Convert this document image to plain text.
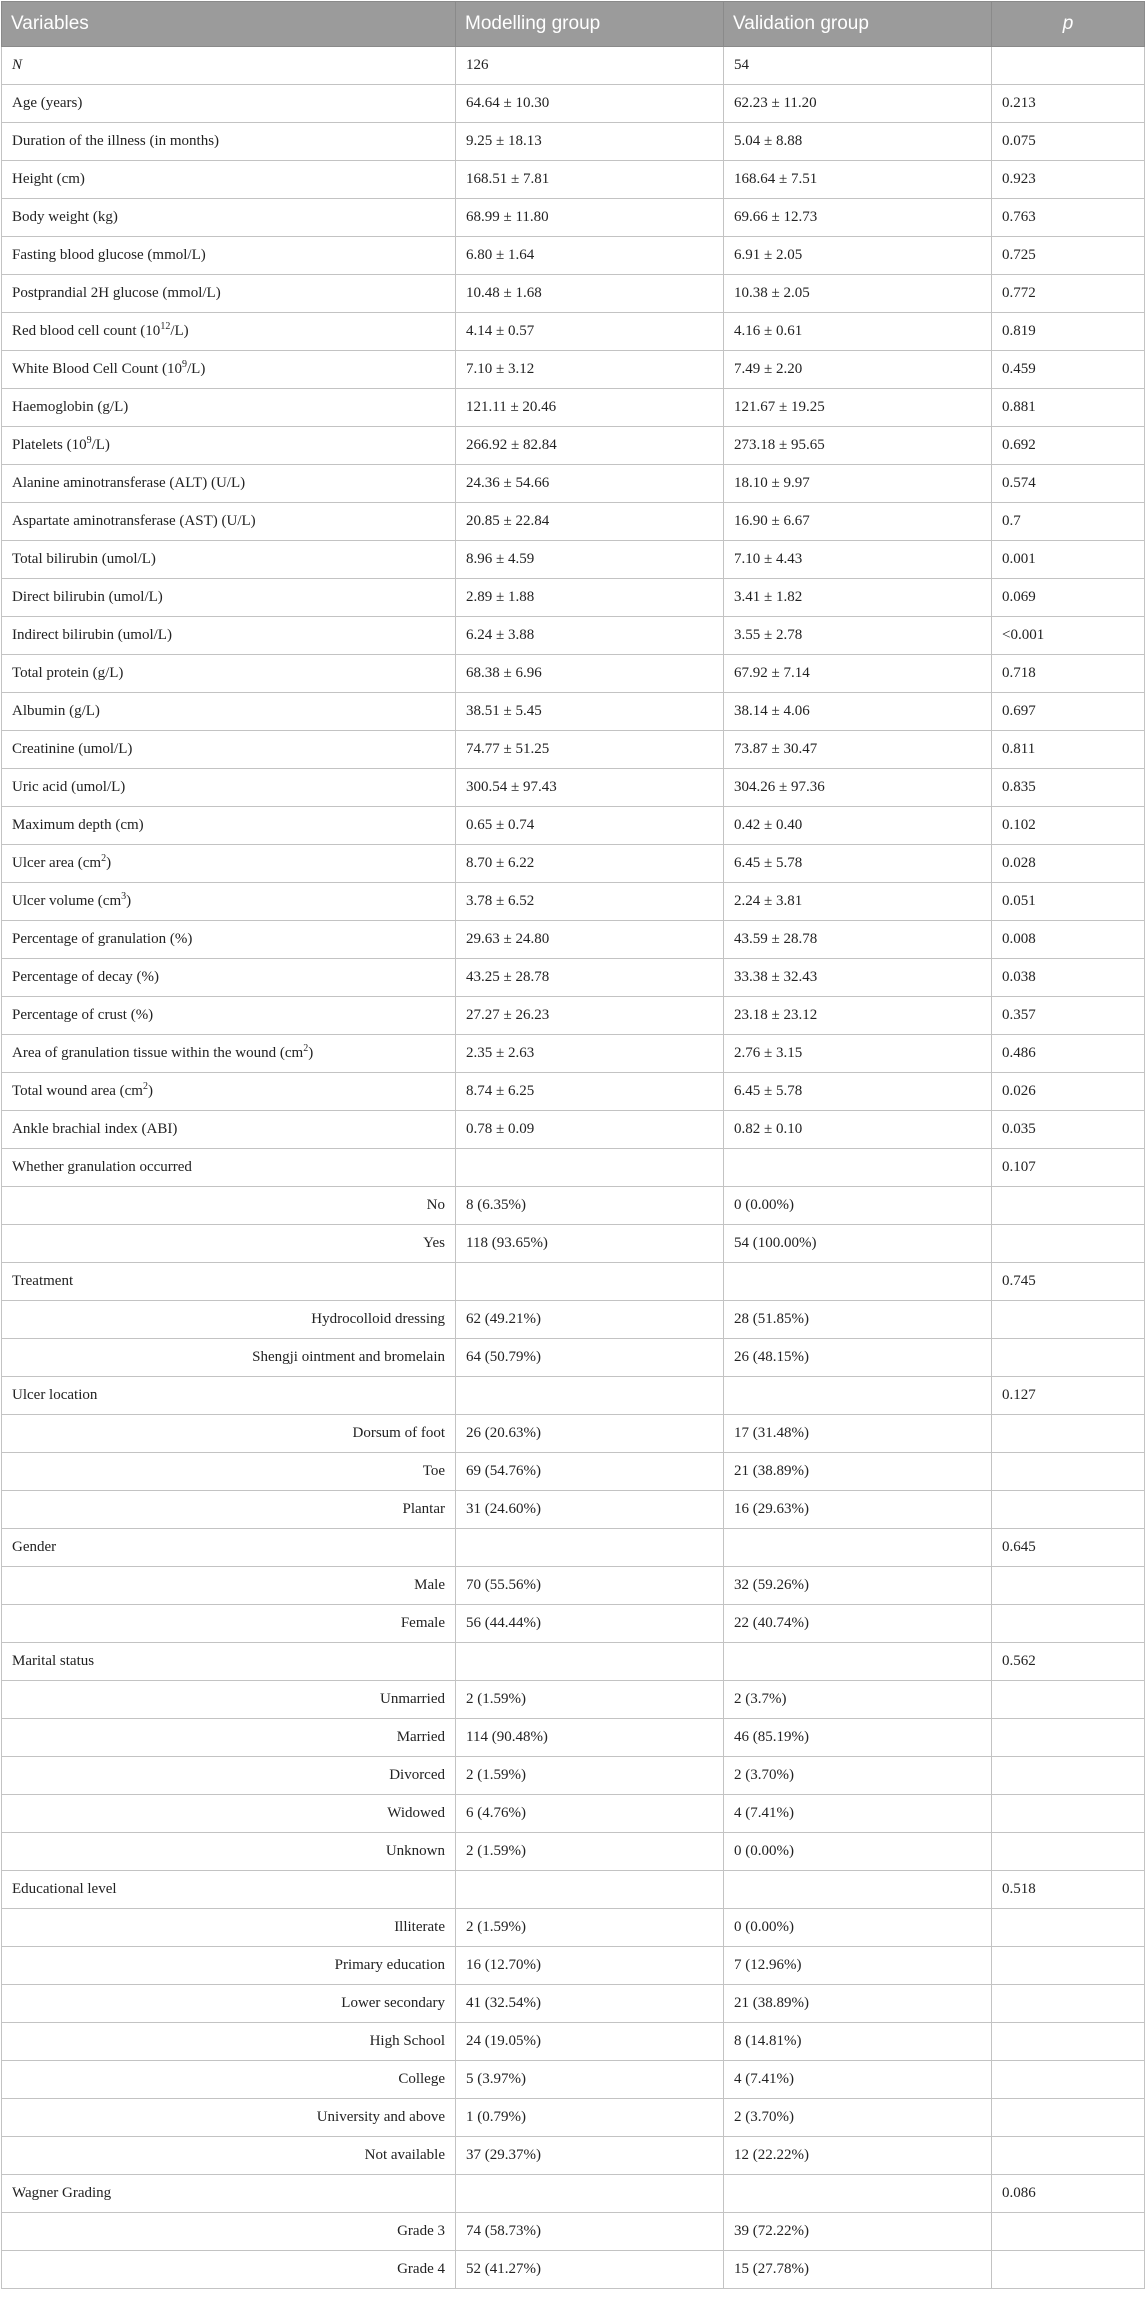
Variables	Modelling group	Validation group	p
N	126	54	
Age (years)	64.64 ± 10.30	62.23 ± 11.20	0.213
Duration of the illness (in months)	9.25 ± 18.13	5.04 ± 8.88	0.075
Height (cm)	168.51 ± 7.81	168.64 ± 7.51	0.923
Body weight (kg)	68.99 ± 11.80	69.66 ± 12.73	0.763
Fasting blood glucose (mmol/L)	6.80 ± 1.64	6.91 ± 2.05	0.725
Postprandial 2H glucose (mmol/L)	10.48 ± 1.68	10.38 ± 2.05	0.772
Red blood cell count $(10^{12}/L)$	4.14 ± 0.57	4.16 ± 0.61	0.819
White Blood Cell Count $(10^9/L)$	7.10 ± 3.12	7.49 ± 2.20	0.459
Haemoglobin (g/L)	121.11 ± 20.46	121.67 ± 19.25	0.881
Platelets $(10^9/L)$	266.92 ± 82.84	273.18 ± 95.65	0.692
Alanine aminotransferase (ALT) (U/L)	24.36 ± 54.66	18.10 ± 9.97	0.574
Aspartate aminotransferase (AST) (U/L)	20.85 ± 22.84	16.90 ± 6.67	0.7
Total bilirubin (umol/L)	8.96 ± 4.59	7.10 ± 4.43	0.001
Direct bilirubin (umol/L)	2.89 ± 1.88	3.41 ± 1.82	0.069
Indirect bilirubin (umol/L)	6.24 ± 3.88	3.55 ± 2.78	<0.001
Total protein (g/L)	68.38 ± 6.96	67.92 ± 7.14	0.718
Albumin (g/L)	38.51 ± 5.45	38.14 ± 4.06	0.697
Creatinine (umol/L)	74.77 ± 51.25	73.87 ± 30.47	0.811
Uric acid (umol/L)	300.54 ± 97.43	304.26 ± 97.36	0.835
Maximum depth (cm)	0.65 ± 0.74	0.42 ± 0.40	0.102
Ulcer area $(cm^2)$	8.70 ± 6.22	6.45 ± 5.78	0.028
Ulcer volume $(cm^3)$	3.78 ± 6.52	2.24 ± 3.81	0.051
Percentage of granulation (%)	29.63 ± 24.80	43.59 ± 28.78	0.008
Percentage of decay (%)	43.25 ± 28.78	33.38 ± 32.43	0.038
Percentage of crust (%)	27.27 ± 26.23	23.18 ± 23.12	0.357
Area of granulation tissue within the wound $(cm^2)$	2.35 ± 2.63	2.76 ± 3.15	0.486
Total wound area $(cm^2)$	8.74 ± 6.25	6.45 ± 5.78	0.026
Ankle brachial index (ABI)	0.78 ± 0.09	0.82 ± 0.10	0.035
Whether granulation occurred			0.107
No	8 (6.35%)	0 (0.00%)	
Yes	118 (93.65%)	54 (100.00%)	
Treatment			0.745
Hydrocolloid dressing	62 (49.21%)	28 (51.85%)	
Shengji ointment and bromelain	64 (50.79%)	26 (48.15%)	
Ulcer location			0.127
Dorsum of foot	26 (20.63%)	17 (31.48%)	
Toe	69 (54.76%)	21 (38.89%)	
Plantar	31 (24.60%)	16 (29.63%)	
Gender			0.645
Male	70 (55.56%)	32 (59.26%)	
Female	56 (44.44%)	22 (40.74%)	
Marital status			0.562
Unmarried	2 (1.59%)	2 (3.7%)	
Married	114 (90.48%)	46 (85.19%)	
Divorced	2 (1.59%)	2 (3.70%)	
Widowed	6 (4.76%)	4 (7.41%)	
Unknown	2 (1.59%)	0 (0.00%)	
Educational level			0.518
Illiterate	2 (1.59%)	0 (0.00%)	
Primary education	16 (12.70%)	7 (12.96%)	
Lower secondary	41 (32.54%)	21 (38.89%)	
High School	24 (19.05%)	8 (14.81%)	
College	5 (3.97%)	4 (7.41%)	
University and above	1 (0.79%)	2 (3.70%)	
Not available	37 (29.37%)	12 (22.22%)	
Wagner Grading			0.086
Grade 3	74 (58.73%)	39 (72.22%)	
Grade 4	52 (41.27%)	15 (27.78%)	
